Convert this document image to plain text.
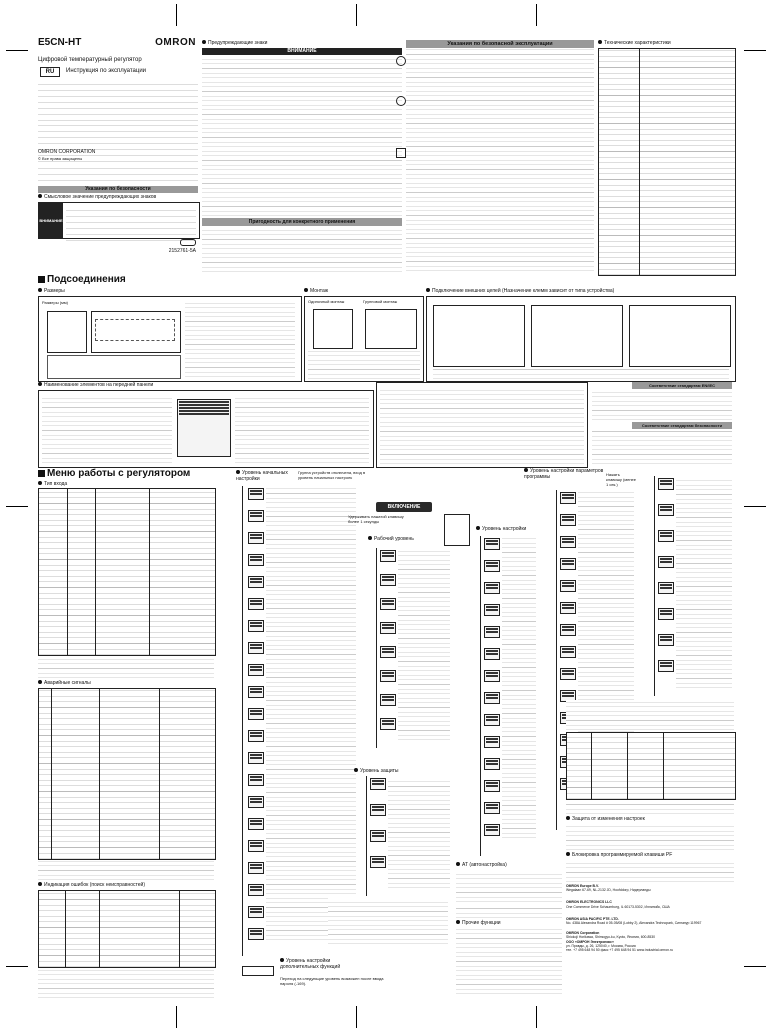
E5CN-HT	OMRON
Цифровой температурный регулятор
RU	Инструкция по эксплуатации
OMRON CORPORATION
© Все права защищены
Указания по безопасности
Смысловое значение предупреждающих знаков
ВНИМАНИЕ

2152761-5A
Предупреждающие знаки
ВНИМАНИЕ
Пригодность для конкретного применения
Указания по безопасной эксплуатации	Технические характеристики
Подсоединения
Размеры
Размеры (мм)
Монтаж
Одиночный монтаж	Групповой монтаж
Подключение внешних цепей (Назначение клемм зависит от типа устройства)
Наименование элементов на передней панели	Соответствие стандартам EN/IEC
Соответствие стандартам безопасности
Меню работы с регулятором
Тип входа
Аварийные сигналы
Индикация ошибок (поиск неисправностей)
Уровень начальных настройки
Группа устройств отключена, вход в уровень начальных настроек
ВКЛЮЧЕНИЕ
Удерживать нажатой клавишу более 1 секунды
Рабочий уровень
Уровень защиты
Уровень настройки дополнительных функций
Переход на следующие уровень возможен после ввода пароля (-169).
Уровень настройки
Уровень настройки параметров программы	Нажать клавишу (менее 1 сек.)
Защита от изменения настроек
Блокировка программируемой клавиши PF
AT (автонастройка)
Прочие функции
OMRON Europe B.V.
Wegalaan 67-69, NL-2132 JD, Hoofddorp, Нидерланды
OMRON ELECTRONICS LLC
One Commerce Drive Schaumburg, IL 60173-5302, Иллинойс, США
OMRON ASIA PACIFIC PTE. LTD.
No. 438A Alexandra Road # 05-05/08 (Lobby 2), Alexandra Technopark, Сингапур 119967
OMRON Corporation
Shiokoji Horikawa, Shimogyo-ku, Kyoto, Япония, 600-8530
ООО «ОМРОН Электроникс»
ул. Правды, д. 26, 125040, г. Москва, Россия
тел. +7 495 648 94 50 факс +7 495 648 94 51 www.industrial.omron.ru
